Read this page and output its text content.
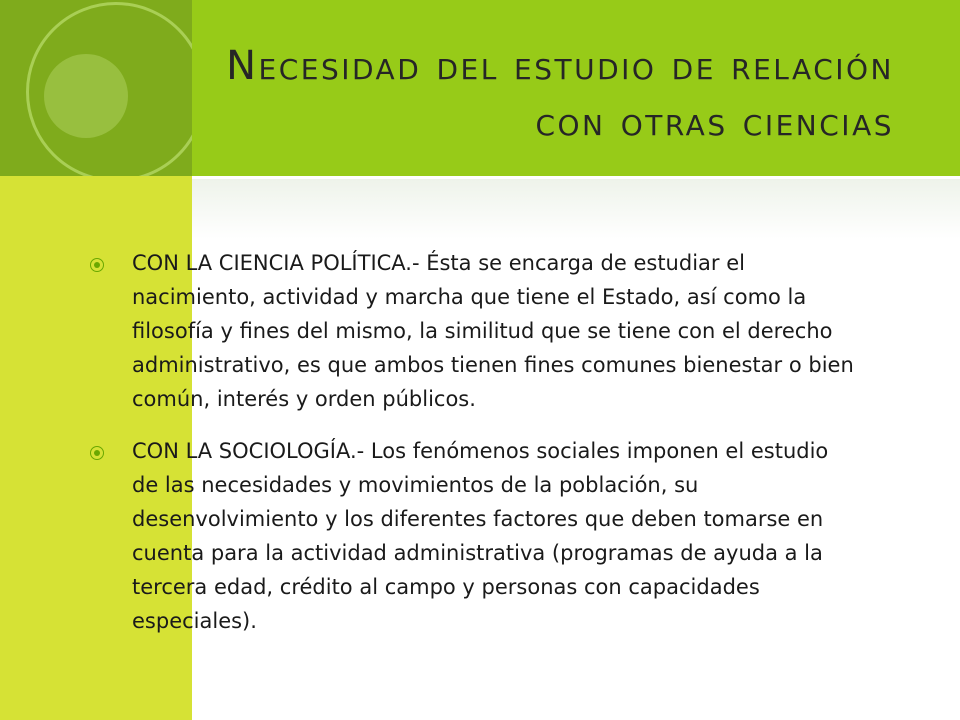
Necesidad del estudio de relación
con otras ciencias
CON LA CIENCIA POLÍTICA.- Ésta se encarga de estudiar el nacimiento, actividad y marcha que tiene el Estado, así como la filosofía y fines del mismo, la similitud que se tiene con el derecho administrativo, es que ambos tienen fines comunes bienestar o bien común, interés y orden públicos.
CON LA SOCIOLOGÍA.- Los fenómenos sociales imponen el estudio de las necesidades y movimientos de la población, su desenvolvimiento y los diferentes factores que deben tomarse en cuenta para la actividad administrativa (programas de ayuda a la tercera edad, crédito al campo y personas con capacidades especiales).
